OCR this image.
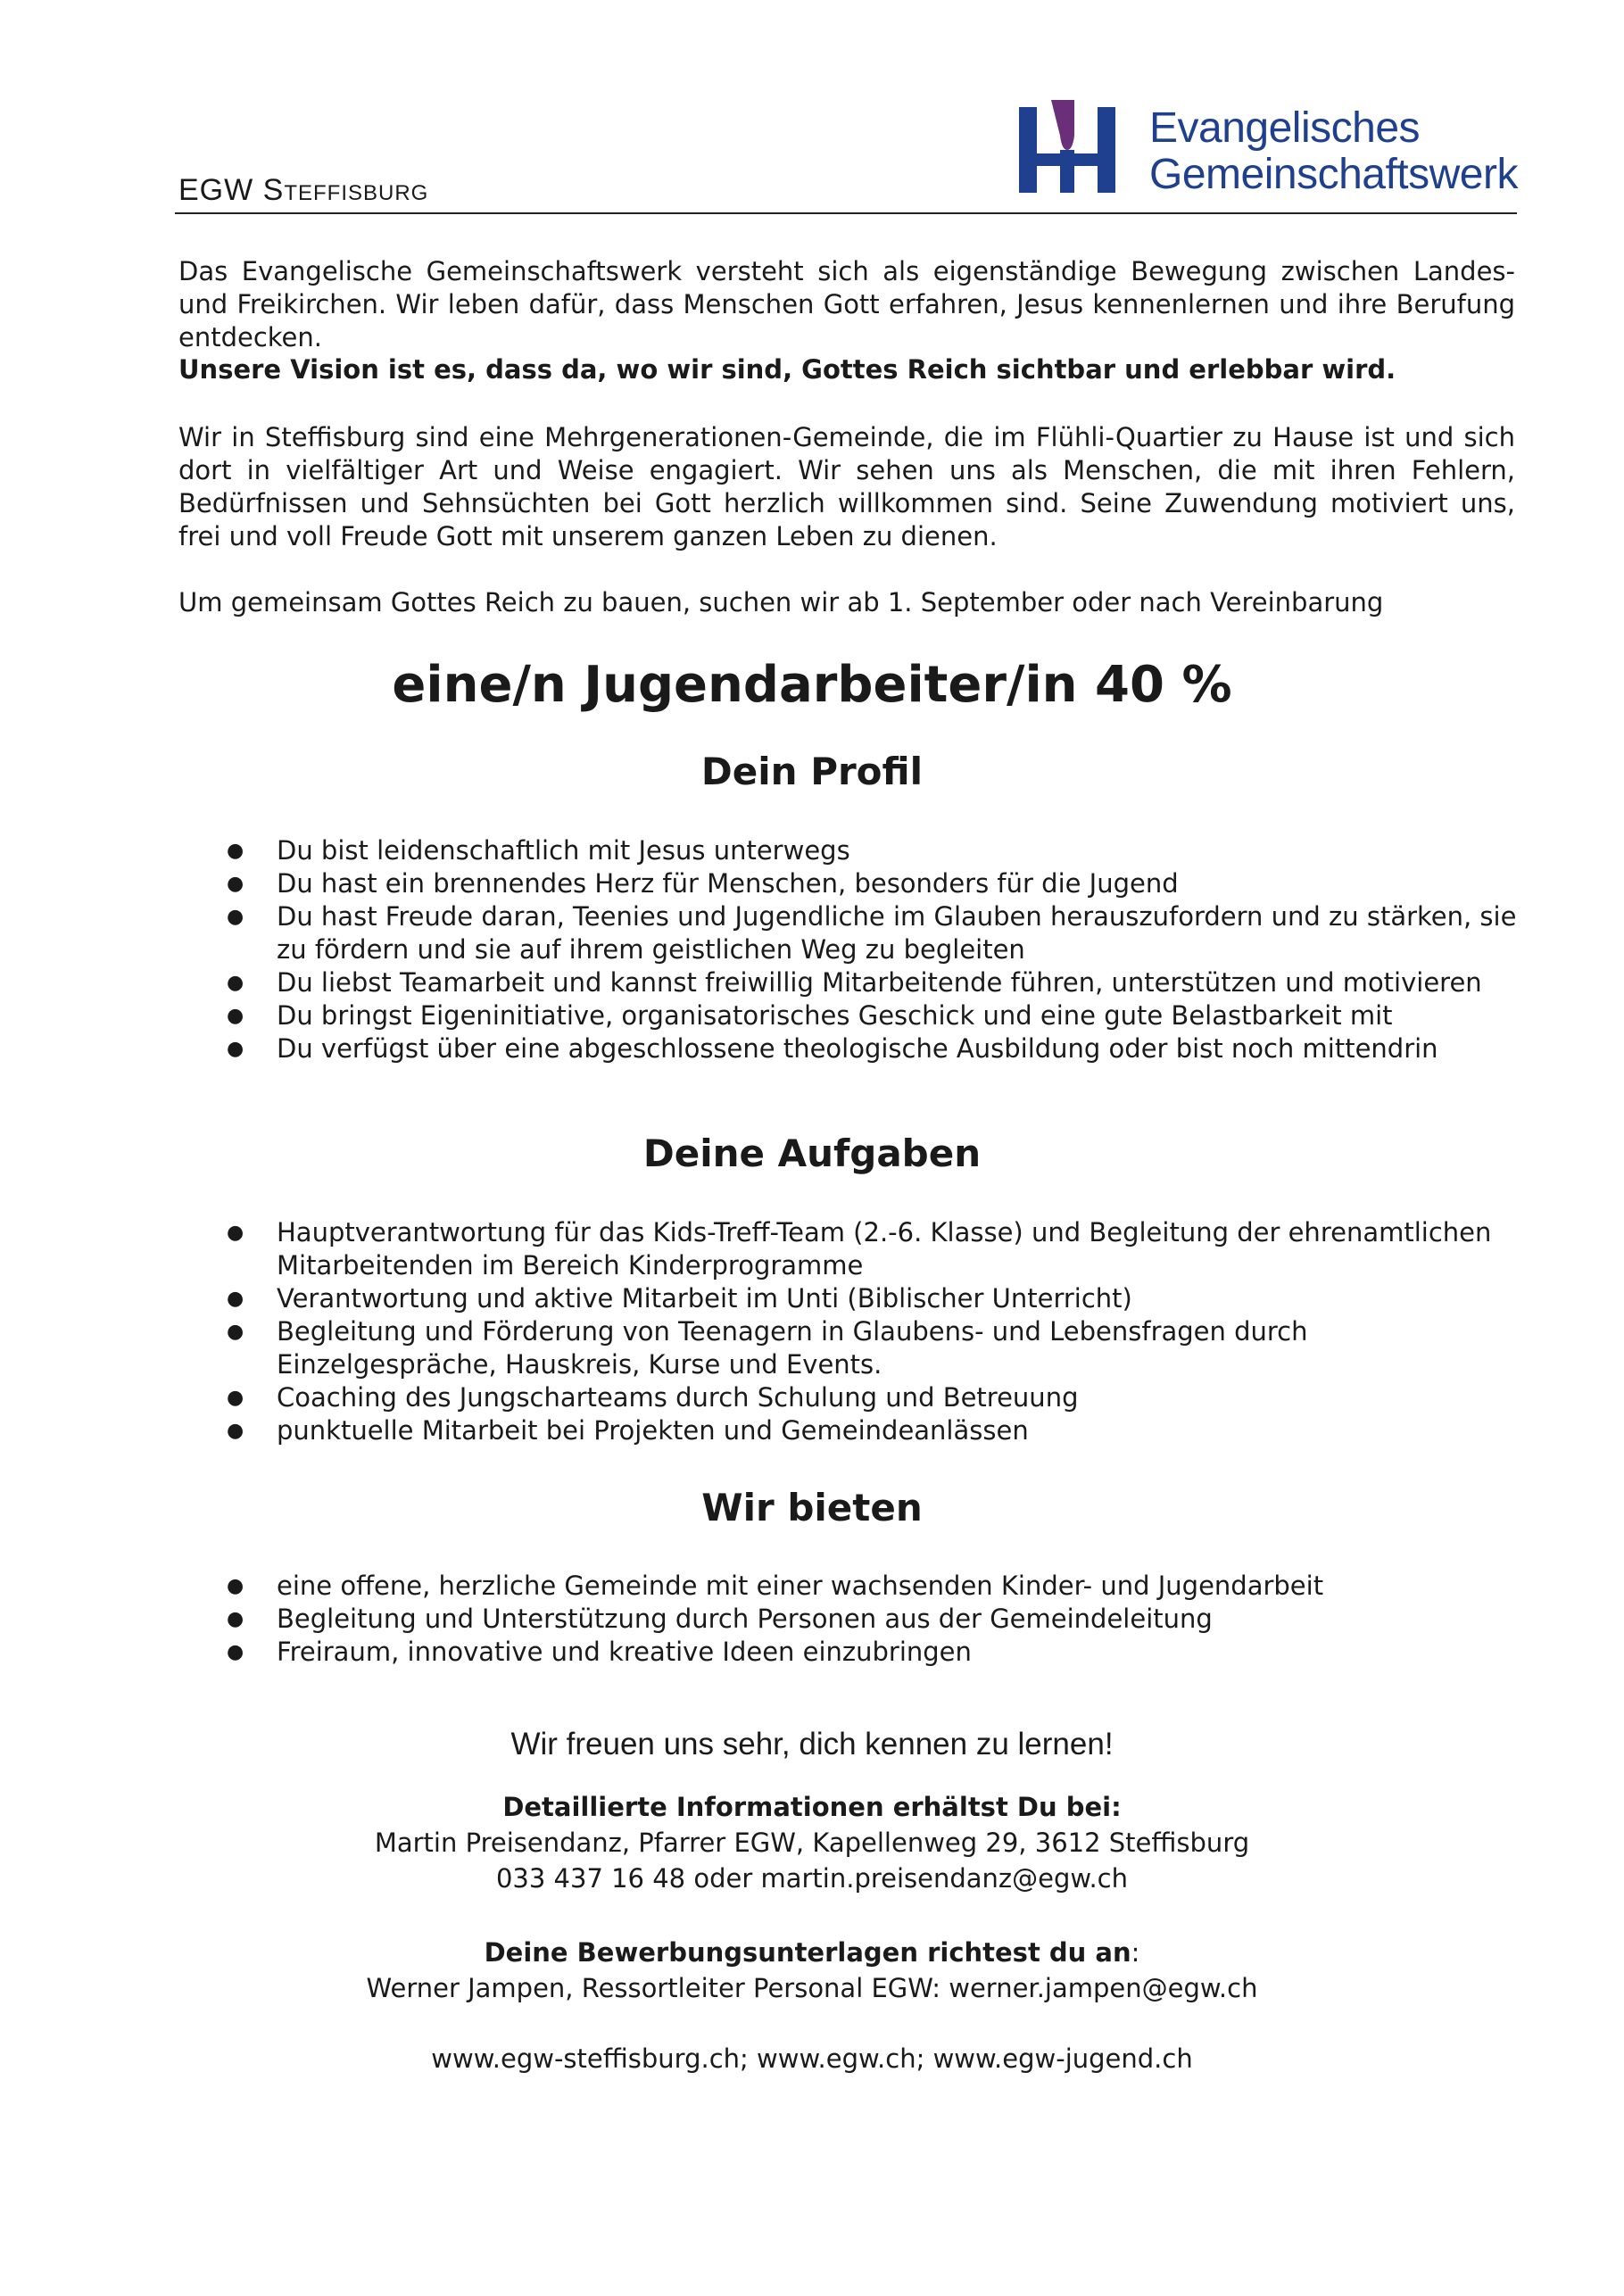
EGW Steffisburg
Evangelisches
Gemeinschaftswerk

Das Evangelische Gemeinschaftswerk versteht sich als eigenständige Bewegung zwischen Landes- und Freikirchen. Wir leben dafür, dass Menschen Gott erfahren, Jesus kennenlernen und ihre Berufung entdecken.

Unsere Vision ist es, dass da, wo wir sind, Gottes Reich sichtbar und erlebbar wird.

Wir in Steffisburg sind eine Mehrgenerationen-Gemeinde, die im Flühli-Quartier zu Hause ist und sich dort in vielfältiger Art und Weise engagiert. Wir sehen uns als Menschen, die mit ihren Fehlern, Bedürfnissen und Sehnsüchten bei Gott herzlich willkommen sind. Seine Zuwendung motiviert uns, frei und voll Freude Gott mit unserem ganzen Leben zu dienen.

Um gemeinsam Gottes Reich zu bauen, suchen wir ab 1. September oder nach Vereinbarung

eine/n Jugendarbeiter/in 40 %
Dein Profil
● Du bist leidenschaftlich mit Jesus unterwegs
● Du hast ein brennendes Herz für Menschen, besonders für die Jugend
● Du hast Freude daran, Teenies und Jugendliche im Glauben herauszufordern und zu stärken, sie zu fördern und sie auf ihrem geistlichen Weg zu begleiten
● Du liebst Teamarbeit und kannst freiwillig Mitarbeitende führen, unterstützen und motivieren
● Du bringst Eigeninitiative, organisatorisches Geschick und eine gute Belastbarkeit mit
● Du verfügst über eine abgeschlossene theologische Ausbildung oder bist noch mittendrin
Deine Aufgaben
● Hauptverantwortung für das Kids-Treff-Team (2.-6. Klasse) und Begleitung der ehrenamtlichen Mitarbeitenden im Bereich Kinderprogramme
● Verantwortung und aktive Mitarbeit im Unti (Biblischer Unterricht)
● Begleitung und Förderung von Teenagern in Glaubens- und Lebensfragen durch Einzelgespräche, Hauskreis, Kurse und Events.
● Coaching des Jungscharteams durch Schulung und Betreuung
● punktuelle Mitarbeit bei Projekten und Gemeindeanlässen
Wir bieten
● eine offene, herzliche Gemeinde mit einer wachsenden Kinder- und Jugendarbeit
● Begleitung und Unterstützung durch Personen aus der Gemeindeleitung
● Freiraum, innovative und kreative Ideen einzubringen

Wir freuen uns sehr, dich kennen zu lernen!

Detaillierte Informationen erhältst Du bei:
Martin Preisendanz, Pfarrer EGW, Kapellenweg 29, 3612 Steffisburg
033 437 16 48 oder martin.preisendanz@egw.ch
Deine Bewerbungsunterlagen richtest du an:
Werner Jampen, Ressortleiter Personal EGW: werner.jampen@egw.ch

www.egw-steffisburg.ch; www.egw.ch; www.egw-jugend.ch
